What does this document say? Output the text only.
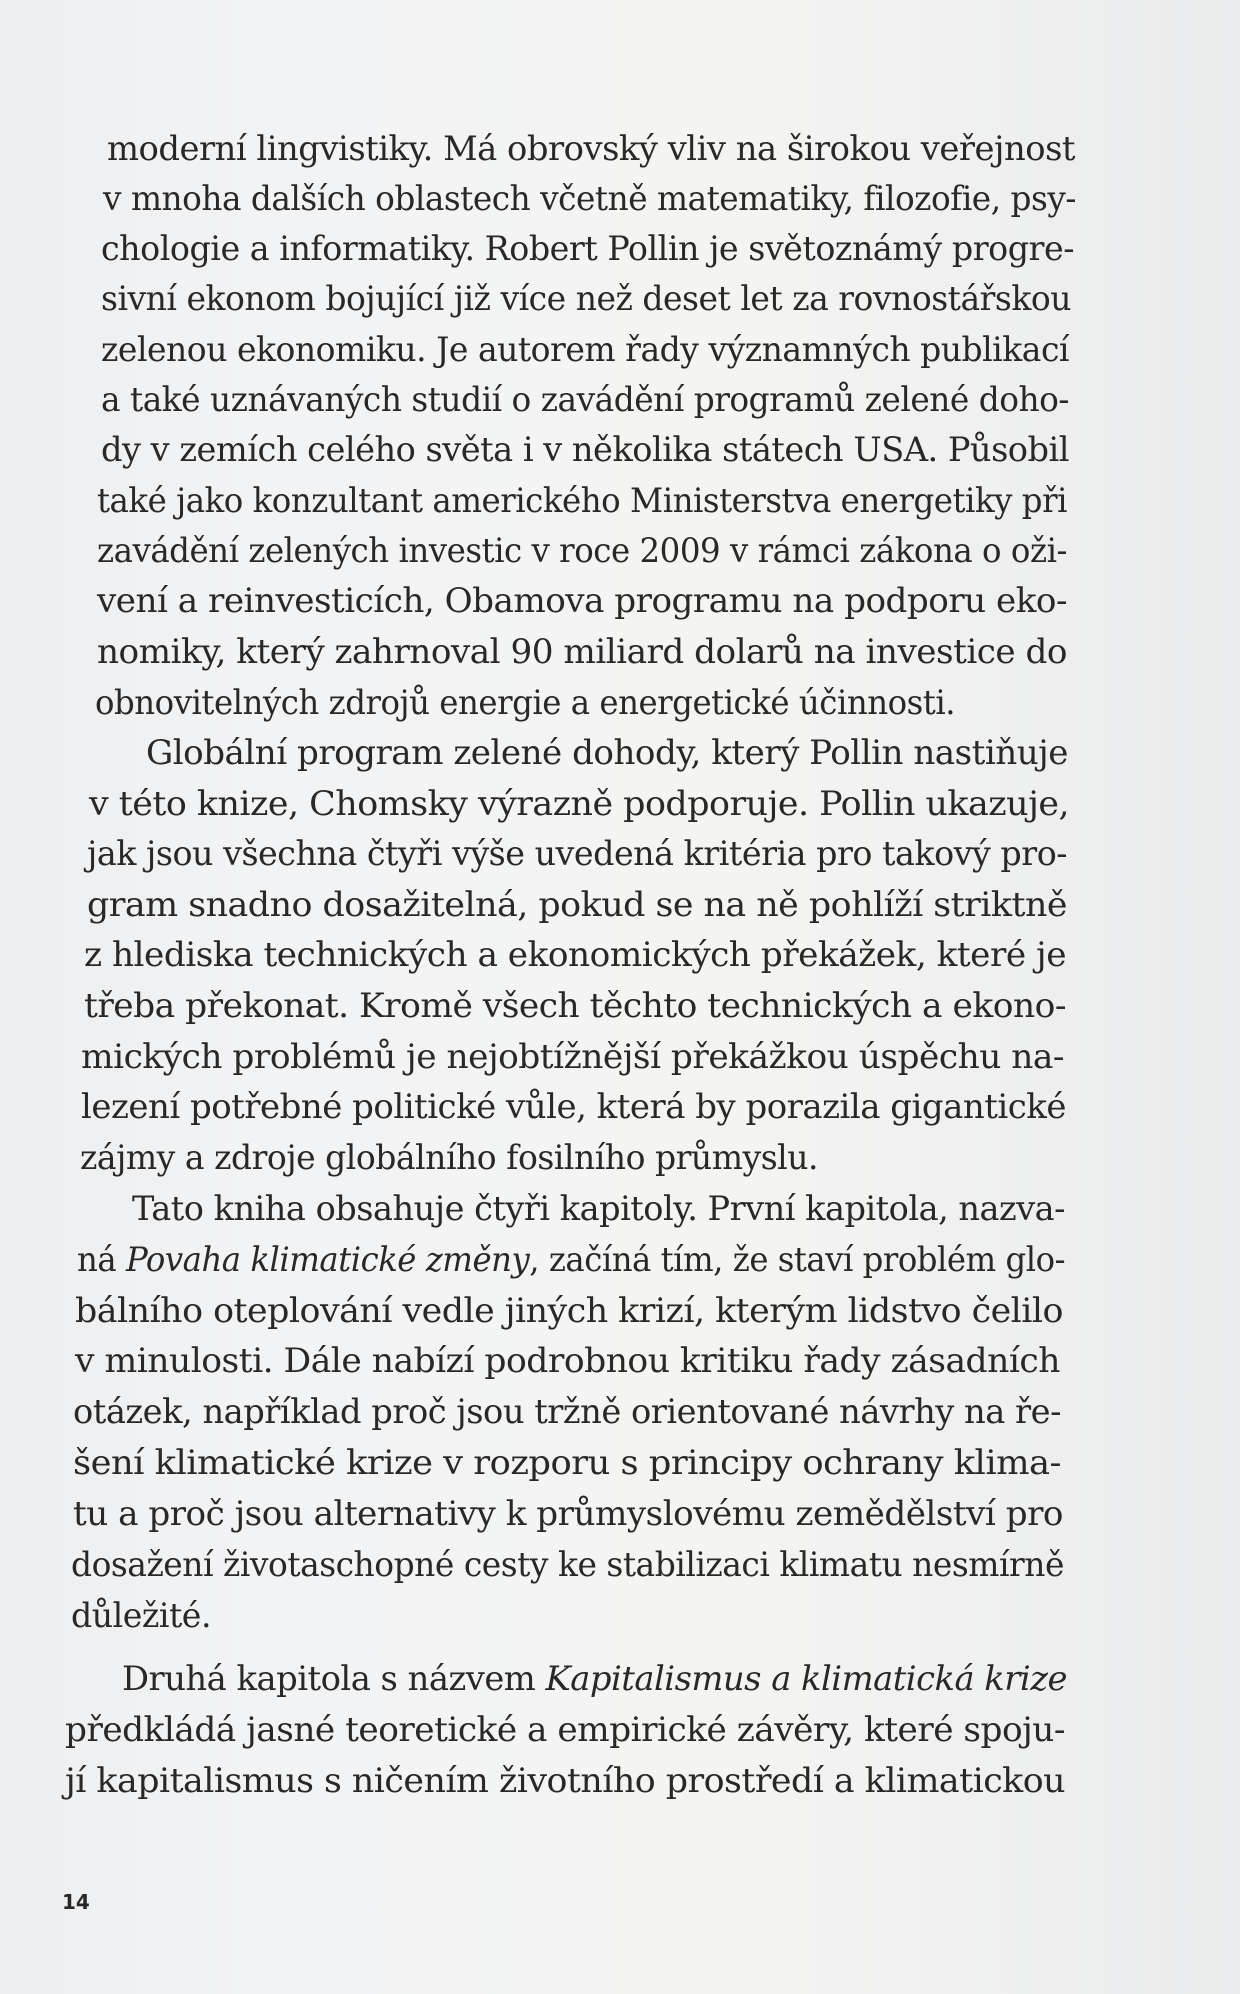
moderní lingvistiky. Má obrovský vliv na širokou veřejnost
v mnoha dalších oblastech včetně matematiky, filozofie, psy-
chologie a informatiky. Robert Pollin je světoznámý progre-
sivní ekonom bojující již více než deset let za rovnostářskou
zelenou ekonomiku. Je autorem řady významných publikací
a také uznávaných studií o zavádění programů zelené doho-
dy v zemích celého světa i v několika státech USA. Působil
také jako konzultant amerického Ministerstva energetiky při
zavádění zelených investic v roce 2009 v rámci zákona o oži-
vení a reinvesticích, Obamova programu na podporu eko-
nomiky, který zahrnoval 90 miliard dolarů na investice do
obnovitelných zdrojů energie a energetické účinnosti.
Globální program zelené dohody, který Pollin nastiňuje
v této knize, Chomsky výrazně podporuje. Pollin ukazuje,
jak jsou všechna čtyři výše uvedená kritéria pro takový pro-
gram snadno dosažitelná, pokud se na ně pohlíží striktně
z hlediska technických a ekonomických překážek, které je
třeba překonat. Kromě všech těchto technických a ekono-
mických problémů je nejobtížnější překážkou úspěchu na-
lezení potřebné politické vůle, která by porazila gigantické
zájmy a zdroje globálního fosilního průmyslu.
Tato kniha obsahuje čtyři kapitoly. První kapitola, nazva-
ná Povaha klimatické změny, začíná tím, že staví problém glo-
bálního oteplování vedle jiných krizí, kterým lidstvo čelilo
v minulosti. Dále nabízí podrobnou kritiku řady zásadních
otázek, například proč jsou tržně orientované návrhy na ře-
šení klimatické krize v rozporu s principy ochrany klima-
tu a proč jsou alternativy k průmyslovému zemědělství pro
dosažení životaschopné cesty ke stabilizaci klimatu nesmírně
důležité.
Druhá kapitola s názvem Kapitalismus a klimatická krize
předkládá jasné teoretické a empirické závěry, které spoju-
jí kapitalismus s ničením životního prostředí a klimatickou
14
